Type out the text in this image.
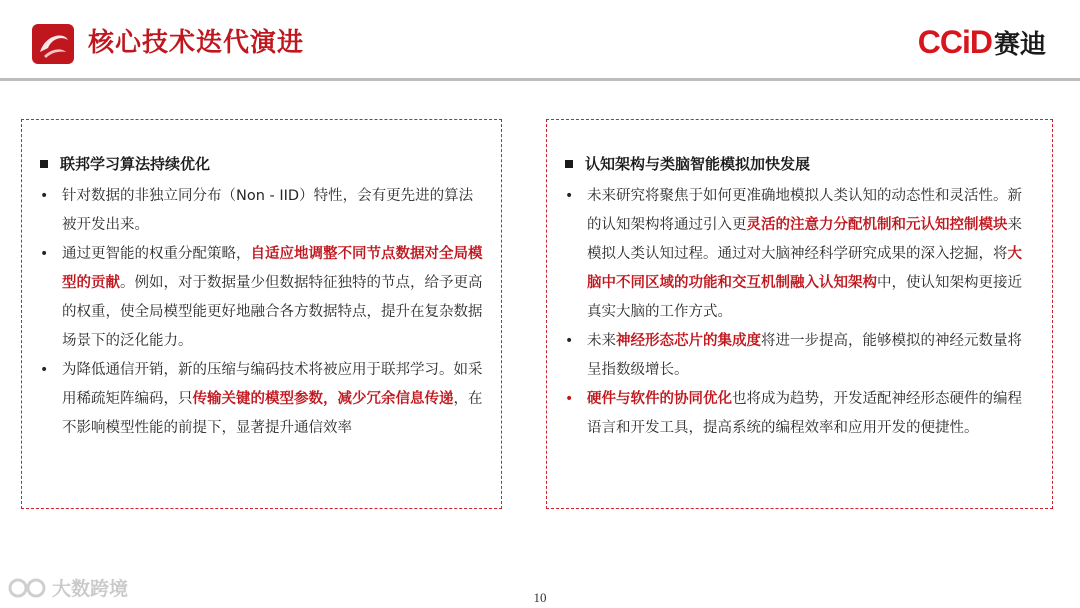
核心技术迭代演进	CCiD 赛迪
联邦学习算法持续优化
• 针对数据的非独立同分布（Non - IID）特性，会有更先进的算法被开发出来。
• 通过更智能的权重分配策略，自适应地调整不同节点数据对全局模型的贡献。例如，对于数据量少但数据特征独特的节点，给予更高的权重，使全局模型能更好地融合各方数据特点，提升在复杂数据场景下的泛化能力。
• 为降低通信开销，新的压缩与编码技术将被应用于联邦学习。如采用稀疏矩阵编码，只传输关键的模型参数，减少冗余信息传递，在不影响模型性能的前提下，显著提升通信效率
认知架构与类脑智能模拟加快发展
• 未来研究将聚焦于如何更准确地模拟人类认知的动态性和灵活性。新的认知架构将通过引入更灵活的注意力分配机制和元认知控制模块来模拟人类认知过程。通过对大脑神经科学研究成果的深入挖掘，将大脑中不同区域的功能和交互机制融入认知架构中，使认知架构更接近真实大脑的工作方式。
• 未来神经形态芯片的集成度将进一步提高，能够模拟的神经元数量将呈指数级增长。
• 硬件与软件的协同优化也将成为趋势，开发适配神经形态硬件的编程语言和开发工具，提高系统的编程效率和应用开发的便捷性。
大数跨境	10
